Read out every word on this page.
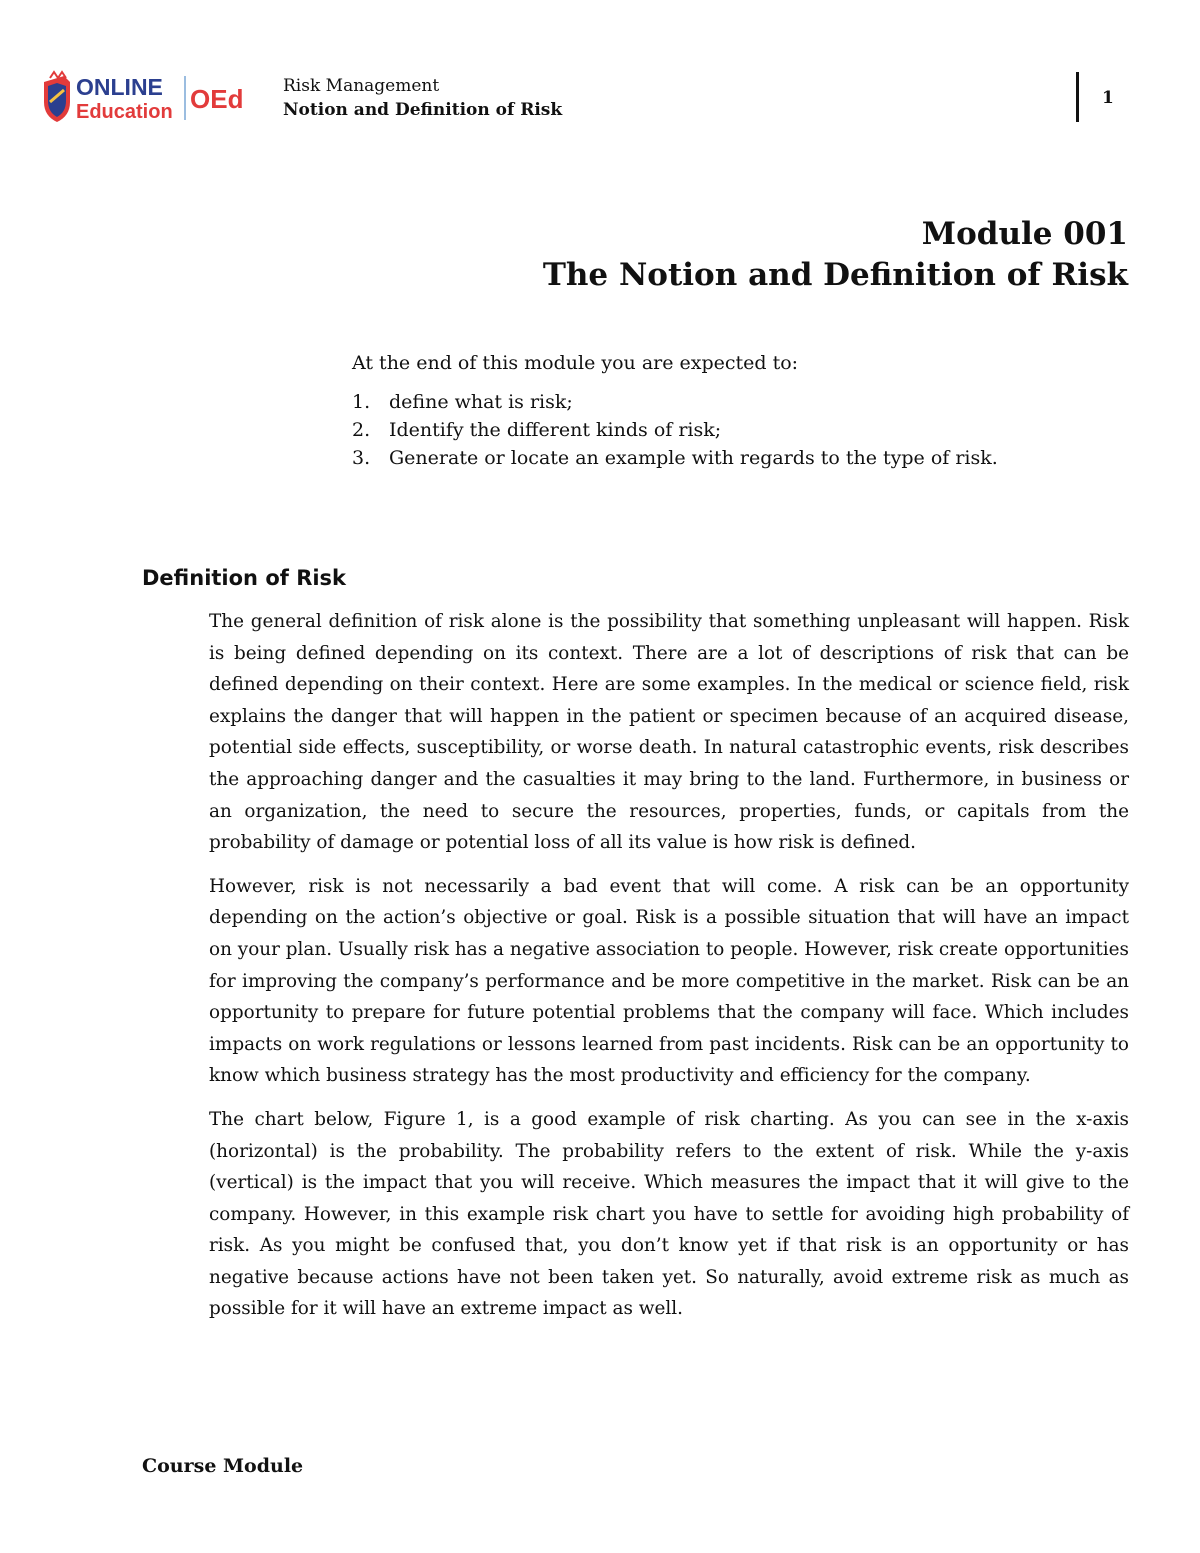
ONLINE
Education OEd Risk Management
Notion and Definition of Risk
1
Module 001
The Notion and Definition of Risk
At the end of this module you are expected to:
1. define what is risk;
2. Identify the different kinds of risk;
3. Generate or locate an example with regards to the type of risk.
Definition of Risk

The general definition of risk alone is the possibility that something unpleasant will happen. Risk is being defined depending on its context. There are a lot of descriptions of risk that can be defined depending on their context. Here are some examples. In the medical or science field, risk explains the danger that will happen in the patient or specimen because of an acquired disease, potential side effects, susceptibility, or worse death. In natural catastrophic events, risk describes the approaching danger and the casualties it may bring to the land. Furthermore, in business or an organization, the need to secure the resources, properties, funds, or capitals from the probability of damage or potential loss of all its value is how risk is defined.

However, risk is not necessarily a bad event that will come. A risk can be an opportunity depending on the action’s objective or goal. Risk is a possible situation that will have an impact on your plan. Usually risk has a negative association to people. However, risk create opportunities for improving the company’s performance and be more competitive in the market. Risk can be an opportunity to prepare for future potential problems that the company will face. Which includes impacts on work regulations or lessons learned from past incidents. Risk can be an opportunity to know which business strategy has the most productivity and efficiency for the company.

The chart below, Figure 1, is a good example of risk charting. As you can see in the x-axis (horizontal) is the probability. The probability refers to the extent of risk. While the y-axis (vertical) is the impact that you will receive. Which measures the impact that it will give to the company. However, in this example risk chart you have to settle for avoiding high probability of risk. As you might be confused that, you don’t know yet if that risk is an opportunity or has negative because actions have not been taken yet. So naturally, avoid extreme risk as much as possible for it will have an extreme impact as well.

Course Module
